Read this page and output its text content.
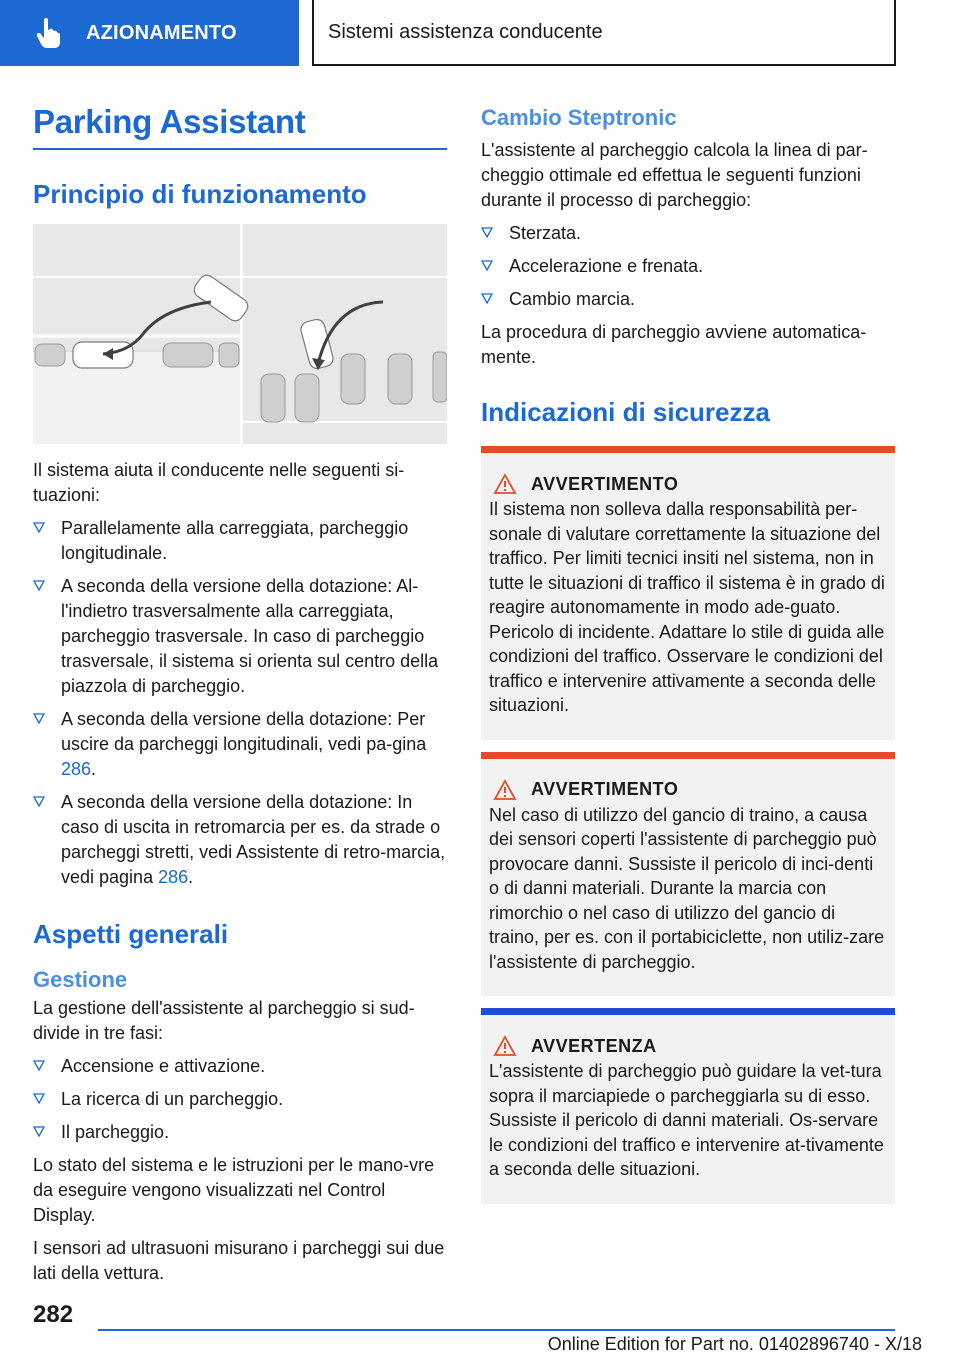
AZIONAMENTO	Sistemi assistenza conducente
Parking Assistant
Principio di funzionamento

Il sistema aiuta il conducente nelle seguenti si-tuazioni:

Parallelamente alla carreggiata, parcheggio longitudinale.
A seconda della versione della dotazione: Al-l'indietro trasversalmente alla carreggiata, parcheggio trasversale. In caso di parcheggio trasversale, il sistema si orienta sul centro della piazzola di parcheggio.
A seconda della versione della dotazione: Per uscire da parcheggi longitudinali, vedi pa-gina 286.
A seconda della versione della dotazione: In caso di uscita in retromarcia per es. da strade o parcheggi stretti, vedi Assistente di retro-marcia, vedi pagina 286.
Aspetti generali
Gestione

La gestione dell'assistente al parcheggio si sud-divide in tre fasi:

Accensione e attivazione.
La ricerca di un parcheggio.
Il parcheggio.

Lo stato del sistema e le istruzioni per le mano-vre da eseguire vengono visualizzati nel Control Display.

I sensori ad ultrasuoni misurano i parcheggi sui due lati della vettura.

Cambio Steptronic

L'assistente al parcheggio calcola la linea di par-cheggio ottimale ed effettua le seguenti funzioni durante il processo di parcheggio:

Sterzata.
Accelerazione e frenata.
Cambio marcia.

La procedura di parcheggio avviene automatica-mente.

Indicazioni di sicurezza
AVVERTIMENTO

Il sistema non solleva dalla responsabilità per-sonale di valutare correttamente la situazione del traffico. Per limiti tecnici insiti nel sistema, non in tutte le situazioni di traffico il sistema è in grado di reagire autonomamente in modo ade-guato. Pericolo di incidente. Adattare lo stile di guida alle condizioni del traffico. Osservare le condizioni del traffico e intervenire attivamente a seconda delle situazioni.

AVVERTIMENTO

Nel caso di utilizzo del gancio di traino, a causa dei sensori coperti l'assistente di parcheggio può provocare danni. Sussiste il pericolo di inci-denti o di danni materiali. Durante la marcia con rimorchio o nel caso di utilizzo del gancio di traino, per es. con il portabiciclette, non utiliz-zare l'assistente di parcheggio.

AVVERTENZA

L'assistente di parcheggio può guidare la vet-tura sopra il marciapiede o parcheggiarla su di esso. Sussiste il pericolo di danni materiali. Os-servare le condizioni del traffico e intervenire at-tivamente a seconda delle situazioni.

282
Online Edition for Part no. 01402896740 - X/18
